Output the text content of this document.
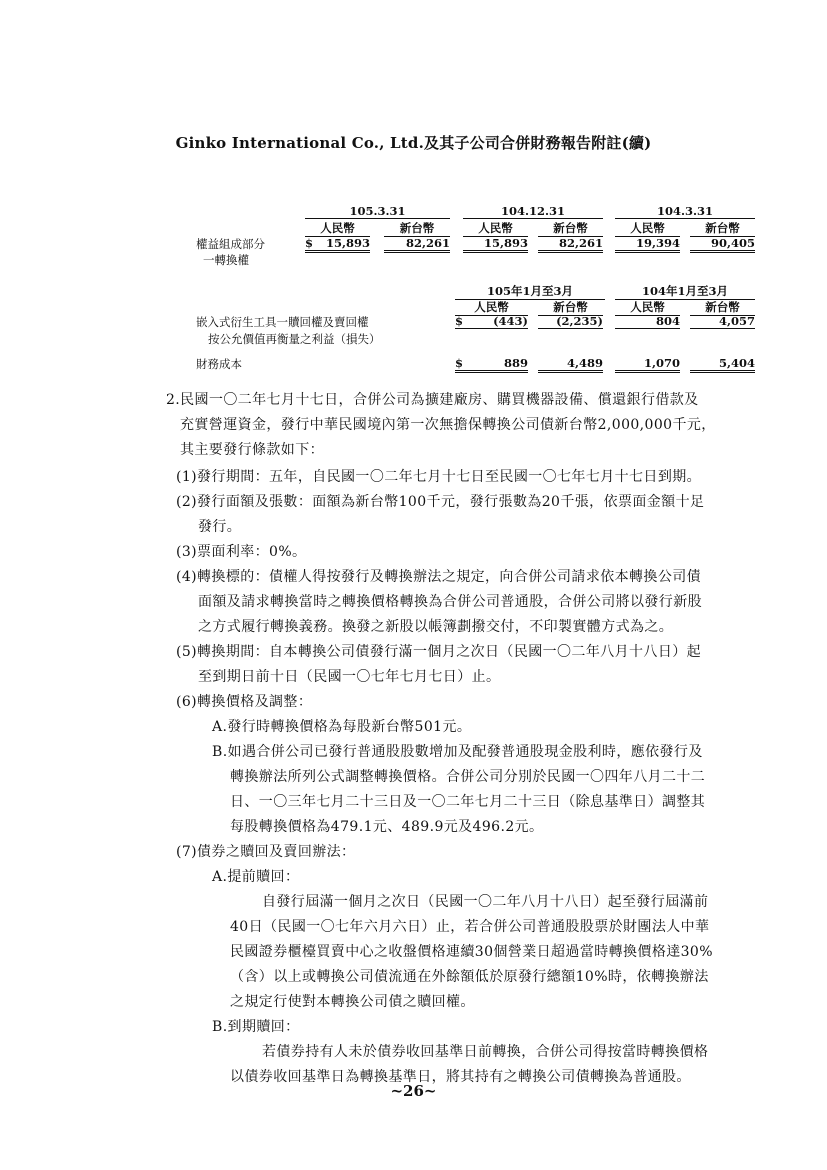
Ginko International Co., Ltd.及其子公司合併財務報告附註(續)
105.3.31	104.12.31	104.3.31
人民幣	新台幣	人民幣	新台幣	人民幣	新台幣
權益組成部分
一轉換權
$	15,893	82,261	15,893	82,261	19,394	90,405
105年1月至3月	104年1月至3月
人民幣	新台幣	人民幣	新台幣
嵌入式衍生工具一贖回權及賣回權
按公允價值再衡量之利益（損失）
$	(443)	(2,235)	804	4,057
財務成本	$	889	4,489	1,070	5,404
2.民國一〇二年七月十七日，合併公司為擴建廠房、購買機器設備、償還銀行借款及
充實營運資金，發行中華民國境內第一次無擔保轉換公司債新台幣2,000,000千元，
其主要發行條款如下：
(1)發行期間：五年，自民國一〇二年七月十七日至民國一〇七年七月十七日到期。
(2)發行面額及張數：面額為新台幣100千元，發行張數為20千張，依票面金額十足
發行。
(3)票面利率：0%。
(4)轉換標的：債權人得按發行及轉換辦法之規定，向合併公司請求依本轉換公司債
面額及請求轉換當時之轉換價格轉換為合併公司普通股，合併公司將以發行新股
之方式履行轉換義務。換發之新股以帳簿劃撥交付，不印製實體方式為之。
(5)轉換期間：自本轉換公司債發行滿一個月之次日（民國一〇二年八月十八日）起
至到期日前十日（民國一〇七年七月七日）止。
(6)轉換價格及調整：
A.發行時轉換價格為每股新台幣501元。
B.如遇合併公司已發行普通股股數增加及配發普通股現金股利時，應依發行及
轉換辦法所列公式調整轉換價格。合併公司分別於民國一〇四年八月二十二
日、一〇三年七月二十三日及一〇二年七月二十三日（除息基準日）調整其
每股轉換價格為479.1元、489.9元及496.2元。
(7)債券之贖回及賣回辦法：
A.提前贖回：
自發行屆滿一個月之次日（民國一〇二年八月十八日）起至發行屆滿前
40日（民國一〇七年六月六日）止，若合併公司普通股股票於財團法人中華
民國證券櫃檯買賣中心之收盤價格連續30個營業日超過當時轉換價格達30%
（含）以上或轉換公司債流通在外餘額低於原發行總額10%時，依轉換辦法
之規定行使對本轉換公司債之贖回權。
B.到期贖回：
若債券持有人未於債券收回基準日前轉換，合併公司得按當時轉換價格
以債券收回基準日為轉換基準日，將其持有之轉換公司債轉換為普通股。
~26~
